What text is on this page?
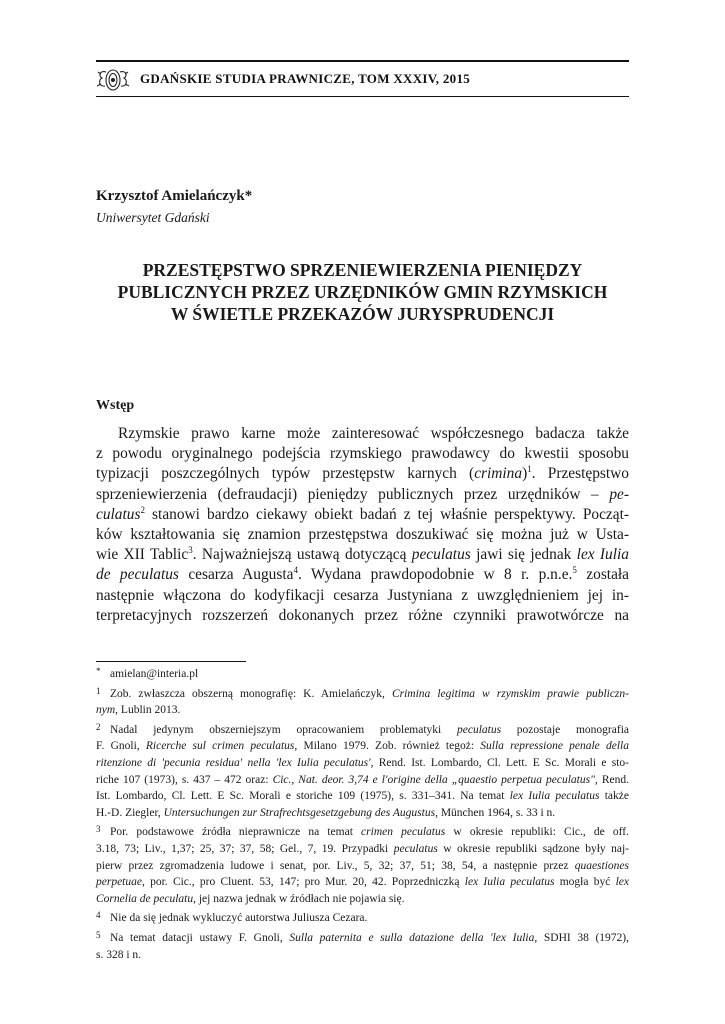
GDAŃSKIE STUDIA PRAWNICZE, TOM XXXIV, 2015
Krzysztof Amielańczyk*
Uniwersytet Gdański
PRZESTĘPSTWO SPRZENIEWIERZENIA PIENIĘDZY
PUBLICZNYCH PRZEZ URZĘDNIKÓW GMIN RZYMSKICH
W ŚWIETLE PRZEKAZÓW JURYSPRUDENCJI
Wstęp
Rzymskie prawo karne może zainteresować współczesnego badacza także
z powodu oryginalnego podejścia rzymskiego prawodawcy do kwestii sposobu
typizacji poszczególnych typów przestępstw karnych $(crimina)^1$. Przestępstwo
sprzeniewierzenia (defraudacji) pieniędzy publicznych przez urzędników – pe-
culatus$^2$ stanowi bardzo ciekawy obiekt badań z tej właśnie perspektywy. Począt-
ków kształtowania się znamion przestępstwa doszukiwać się można już w Usta-
wie XII Tablic$^3$. Najważniejszą ustawą dotyczącą peculatus jawi się jednak lex Iulia
de peculatus cesarza Augusta$^4$. Wydana prawdopodobnie w 8 r. p.n.e.$^5$ została
następnie włączona do kodyfikacji cesarza Justyniana z uwzględnieniem jej in-
terpretacyjnych rozszerzeń dokonanych przez różne czynniki prawotwórcze na
* amielan@interia.pl
1 Zob. zwłaszcza obszerną monografię: K. Amielańczyk, Crimina legitima w rzymskim prawie publiczn-
nym, Lublin 2013.
2 Nadal jedynym obszerniejszym opracowaniem problematyki peculatus pozostaje monografia
F. Gnoli, Ricerche sul crimen peculatus, Milano 1979. Zob. również tegoż: Sulla repressione penale della
ritenzione di 'pecunia residua' nella 'lex Iulia peculatus', Rend. Ist. Lombardo, Cl. Lett. E Sc. Morali e sto-
riche 107 (1973), s. 437 – 472 oraz: Cic., Nat. deor. 3,74 e l'origine della „quaestio perpetua peculatus", Rend.
Ist. Lombardo, Cl. Lett. E Sc. Morali e storiche 109 (1975), s. 331–341. Na temat lex Iulia peculatus także
H.-D. Ziegler, Untersuchungen zur Strafrechtsgesetzgebung des Augustus, München 1964, s. 33 i n.
3 Por. podstawowe źródła nieprawnicze na temat crimen peculatus w okresie republiki: Cic., de off.
3.18, 73; Liv., 1,37; 25, 37; 37, 58; Gel., 7, 19. Przypadki peculatus w okresie republiki sądzone były naj-
pierw przez zgromadzenia ludowe i senat, por. Liv., 5, 32; 37, 51; 38, 54, a następnie przez quaestiones
perpetuae, por. Cic., pro Cluent. 53, 147; pro Mur. 20, 42. Poprzedniczką lex Iulia peculatus mogła być lex
Cornelia de peculatu, jej nazwa jednak w źródłach nie pojawia się.
4 Nie da się jednak wykluczyć autorstwa Juliusza Cezara.
5 Na temat datacji ustawy F. Gnoli, Sulla paternita e sulla datazione della 'lex Iulia, SDHI 38 (1972),
s. 328 i n.
